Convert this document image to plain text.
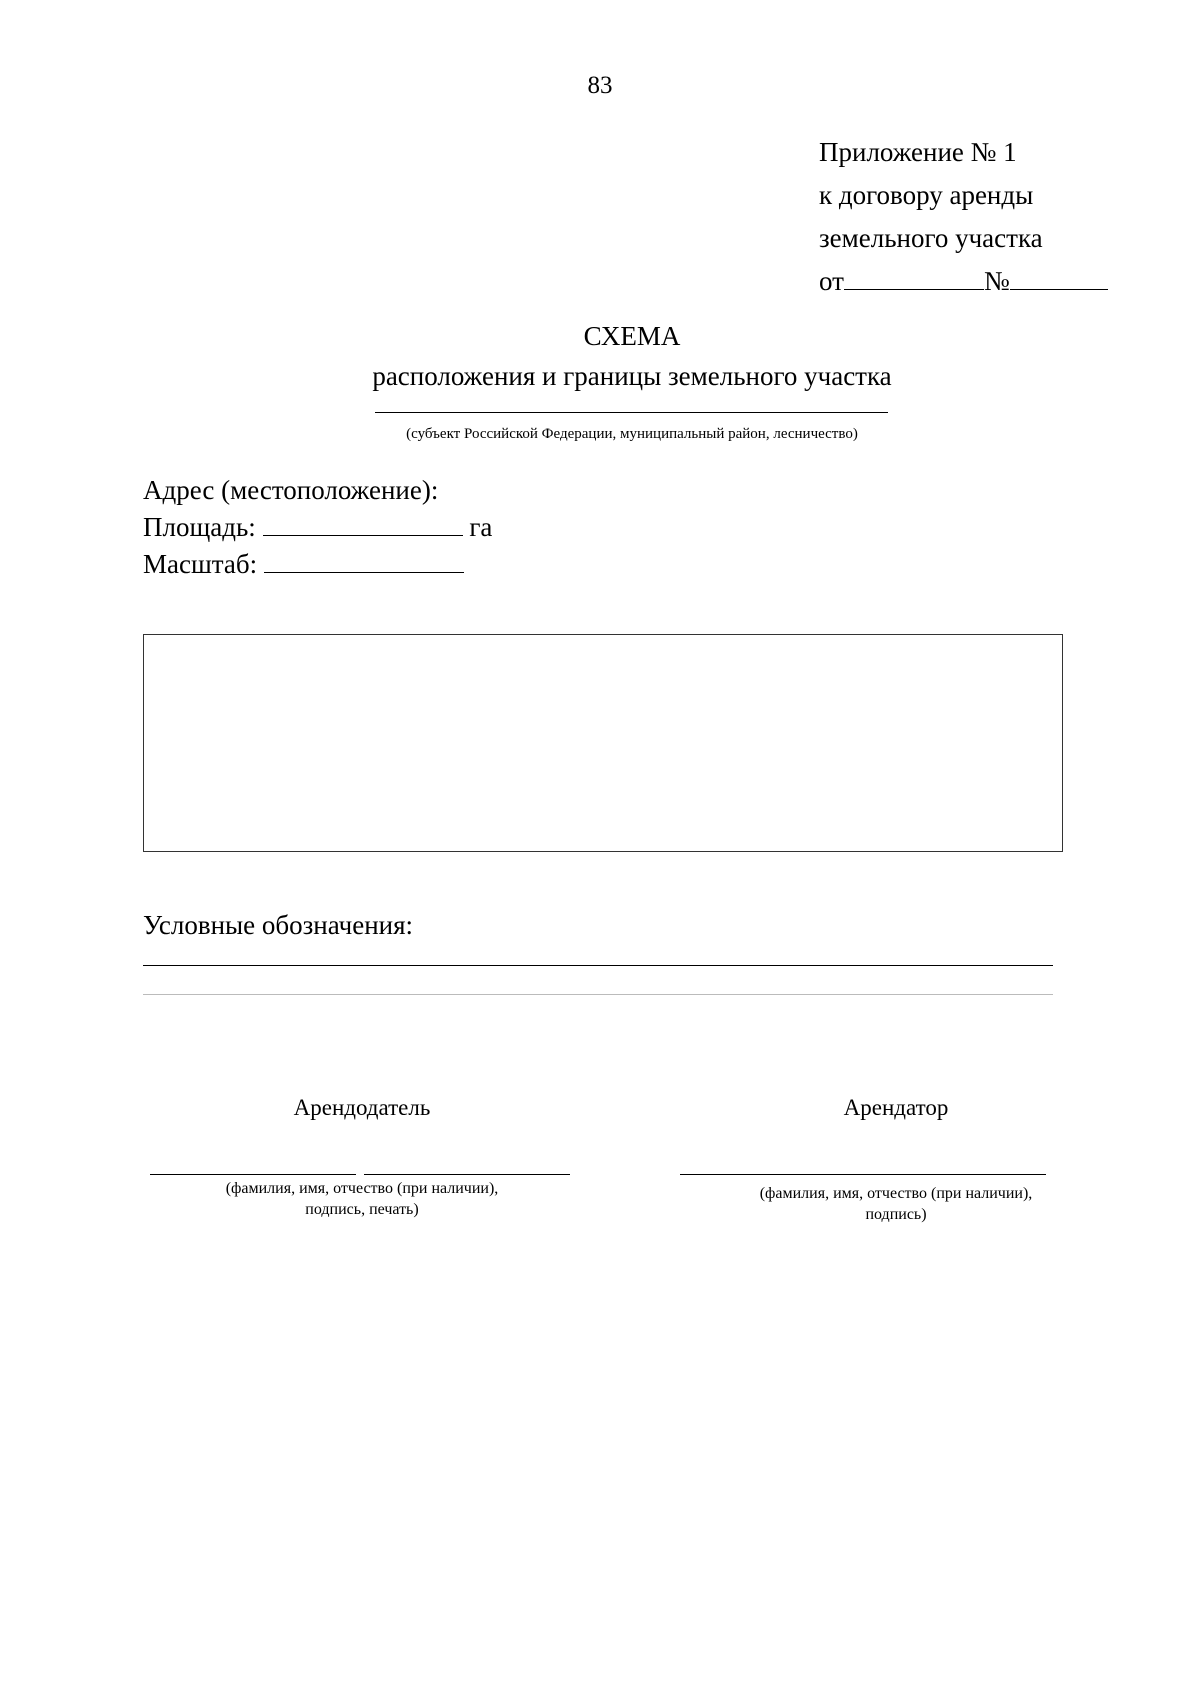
83
Приложение № 1
к договору аренды
земельного участка
от	№
СХЕМА
расположения и границы земельного участка
(субъект Российской Федерации, муниципальный район, лесничество)
Адрес (местоположение):
Площадь:	га
Масштаб:
Условные обозначения:
Арендодатель	Арендатор
(фамилия, имя, отчество (при наличии),
подпись, печать)
(фамилия, имя, отчество (при наличии),
подпись)
